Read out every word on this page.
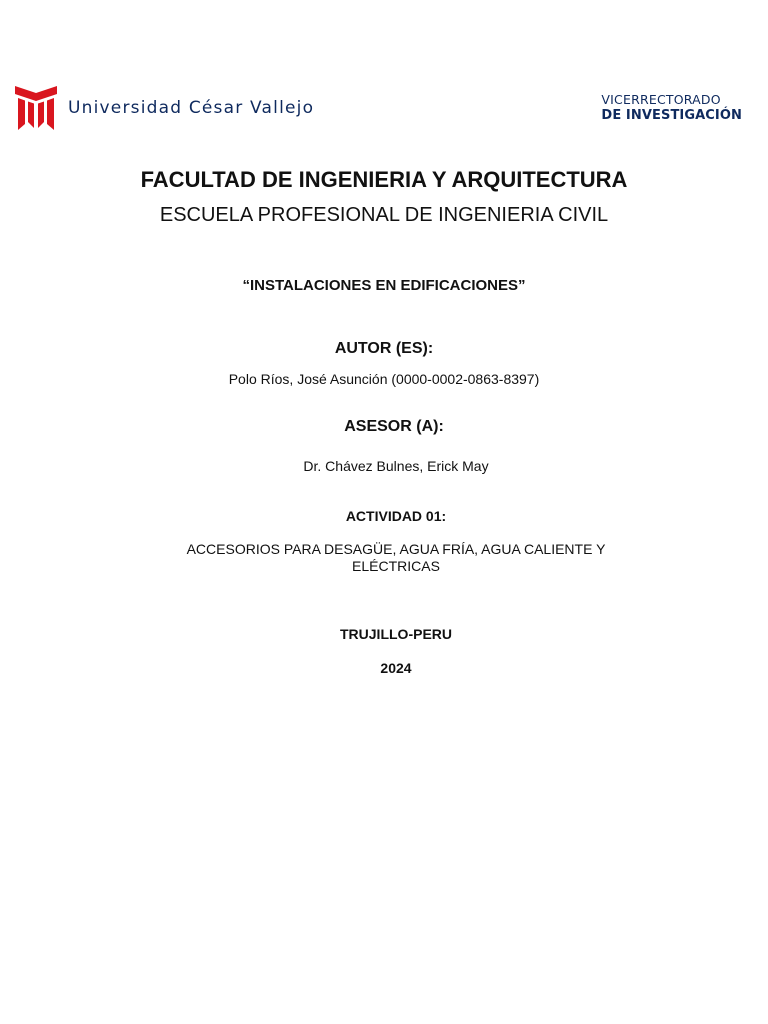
Universidad César Vallejo	VICERRECTORADO
DE INVESTIGACIÓN
FACULTAD DE INGENIERIA Y ARQUITECTURA
ESCUELA PROFESIONAL DE INGENIERIA CIVIL
“INSTALACIONES EN EDIFICACIONES”
AUTOR (ES):
Polo Ríos, José Asunción (0000-0002-0863-8397)
ASESOR (A):
Dr. Chávez Bulnes, Erick May
ACTIVIDAD 01:
ACCESORIOS PARA DESAGÜE, AGUA FRÍA, AGUA CALIENTE Y
ELÉCTRICAS
TRUJILLO-PERU
2024
